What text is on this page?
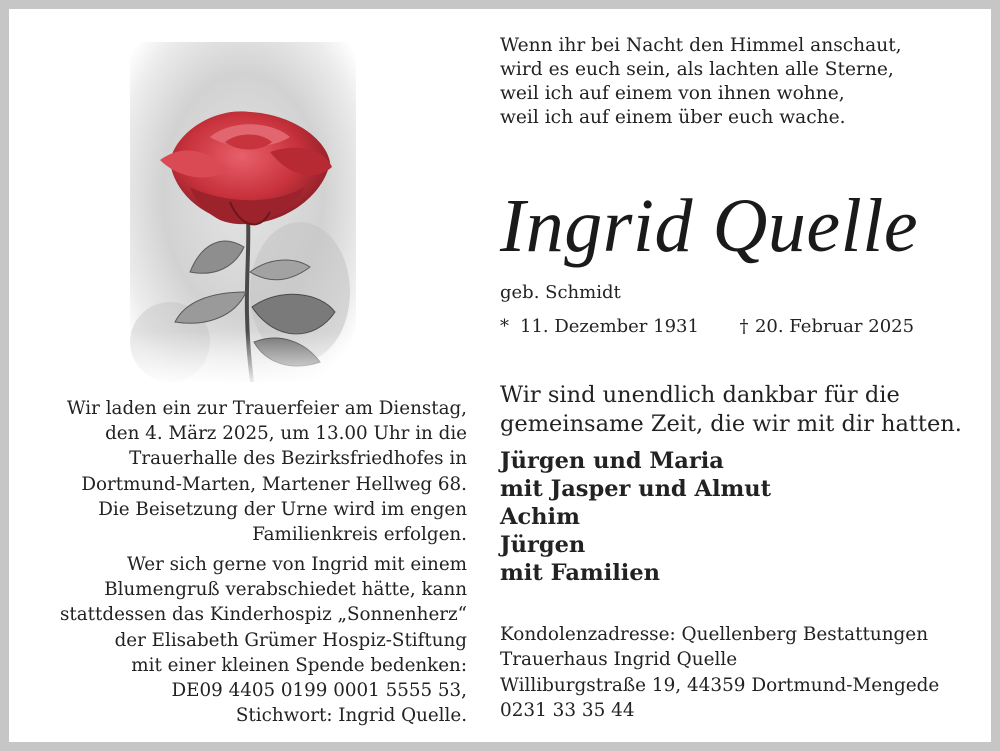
Wenn ihr bei Nacht den Himmel anschaut,
wird es euch sein, als lachten alle Sterne,
weil ich auf einem von ihnen wohne,
weil ich auf einem über euch wache.
Ingrid Quelle
geb. Schmidt
* 11. Dezember 1931 † 20. Februar 2025
Wir sind unendlich dankbar für die
gemeinsame Zeit, die wir mit dir hatten.
Jürgen und Maria
mit Jasper und Almut
Achim
Jürgen
mit Familien
Wir laden ein zur Trauerfeier am Dienstag,
den 4. März 2025, um 13.00 Uhr in die
Trauerhalle des Bezirksfriedhofes in
Dortmund-Marten, Martener Hellweg 68.
Die Beisetzung der Urne wird im engen
Familienkreis erfolgen.
Wer sich gerne von Ingrid mit einem
Blumengruß verabschiedet hätte, kann
stattdessen das Kinderhospiz „Sonnenherz“
der Elisabeth Grümer Hospiz-Stiftung
mit einer kleinen Spende bedenken:
DE09 4405 0199 0001 5555 53,
Stichwort: Ingrid Quelle.
Kondolenzadresse: Quellenberg Bestattungen
Trauerhaus Ingrid Quelle
Williburgstraße 19, 44359 Dortmund-Mengede
0231 33 35 44
